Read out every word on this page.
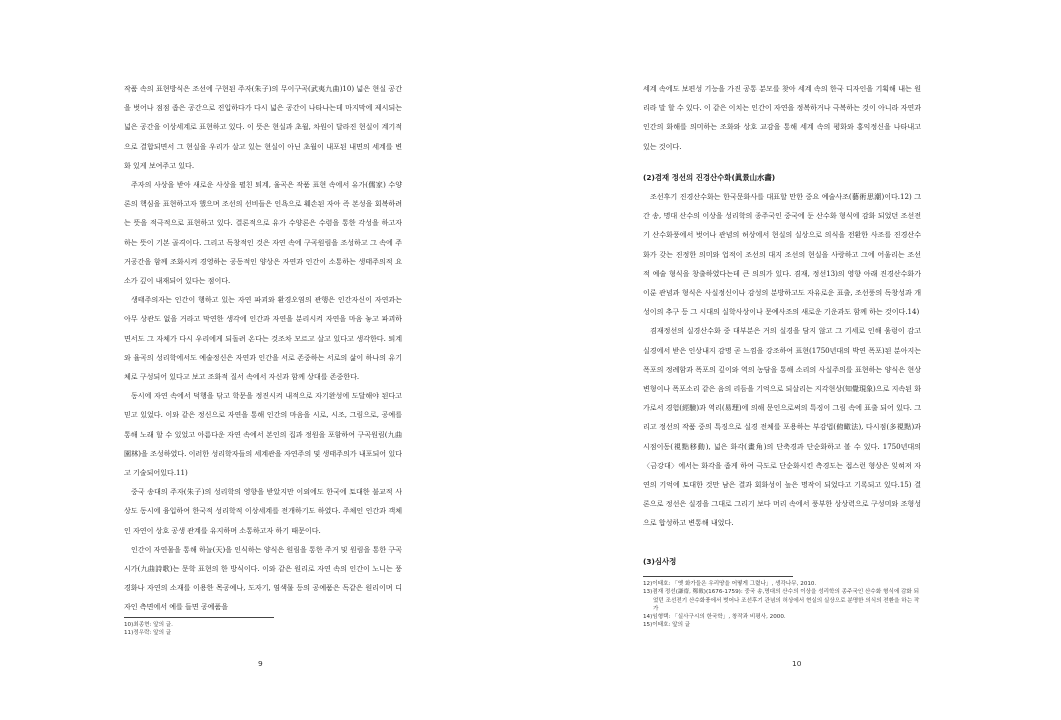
작품 속의 표현방식은 조선에 구현된 주자(朱子)의 무이구곡(武夷九曲)10) 넓은 현실 공간을 벗어나 점점 좁은 공간으로 진입하다가 다시 넓은 공간이 나타나는데 마지막에 제시되는 넓은 공간을 이상세계로 표현하고 있다. 이 뜻은 현실과 초월, 차원이 달라진 현실이 계기적으로 결합되면서 그 현실을 우리가 살고 있는 현실이 아닌 초월이 내포된 내면의 세계를 변화 있게 보여주고 있다.

주자의 사상을 받아 새로운 사상을 펼친 퇴계, 율곡은 작품 표현 속에서 유가(儒家) 수양론의 핵심을 표현하고자 했으며 조선의 선비들은 인욕으로 훼손된 자아 즉 본성을 회복하려는 뜻을 적극적으로 표현하고 있다. 결론적으로 유가 수양론은 수렴을 통한 각성을 하고자 하는 뜻이 기본 골격이다. 그리고 독창적인 것은 자연 속에 구곡원림을 조성하고 그 속에 주거공간을 함께 조화시켜 경영하는 공동적인 양상은 자연과 인간이 소통하는 생태주의적 요소가 깊이 내재되어 있다는 점이다.

생태주의자는 인간이 행하고 있는 자연 파괴와 환경오염의 관행은 인간자신이 자연과는 아무 상관도 없을 거라고 막연한 생각에 인간과 자연을 분리시켜 자연을 마음 놓고 파괴하면서도 그 자체가 다시 우리에게 되돌려 온다는 것조차 모르고 살고 있다고 생각한다. 퇴계와 율곡의 성리학에서도 예술정신은 자연과 인간을 서로 존중하는 서로의 삶이 하나의 유기체로 구성되어 있다고 보고 조화적 질서 속에서 자신과 함께 상대를 존중한다.

동시에 자연 속에서 덕행을 닦고 학문을 정진시켜 내적으로 자기완성에 도달해야 된다고 믿고 있었다. 이와 같은 정신으로 자연을 통해 인간의 마음을 시로, 시조, 그림으로, 공예를 통해 노래 할 수 있었고 아름다운 자연 속에서 본인의 집과 정원을 포함하여 구곡원림(九曲園林)을 조성하였다. 이러한 성리학자들의 세계관을 자연주의 및 생태주의가 내포되어 있다고 기술되어있다.11)

중국 송대의 주자(朱子)의 성리학의 영향을 받았지만 이외에도 한국에 토대한 불교적 사상도 동시에 융입하여 한국적 성리학적 이상세계를 전개하기도 하였다. 주체인 인간과 객체인 자연이 상호 공생 관계를 유지하며 소통하고자 하기 때문이다.

인간이 자연물을 통해 하늘(天)을 인식하는 양식은 원림을 통한 주거 및 원림을 통한 구곡시가(九曲詩歌)는 문학 표현의 한 방식이다. 이와 같은 원리로 자연 속의 인간이 노니는 풍경화나 자연의 소재를 이용한 목공예나, 도자기, 염색물 등의 공예품은 독같은 원리이며 디자인 측면에서 예를 들면 공예품을

10)최종현: 앞의 글.

11)정우락: 앞의 글

9

세계 속에도 보편성 기능을 가진 공통 분모를 찾아 세계 속의 한국 디자인을 기획해 내는 원리라 말 할 수 있다. 이 같은 이치는 인간이 자연을 정복하거나 극복하는 것이 아니라 자연과 인간의 화해를 의미하는 조화와 상호 교감을 통해 세계 속의 평화와 홍익정신을 나타내고 있는 것이다.

(2)겸재 정선의 진경산수화(眞景山水畵)

조선후기 진경산수화는 한국문화사를 대표할 만한 중요 예술사조(藝術思潮)이다.12) 그 간 송, 명대 산수의 이상을 성리학의 종주국인 중국에 둔 산수화 형식에 감화 되었던 조선전기 산수화풍에서 벗어나 관념의 허상에서 현실의 실상으로 의식을 전환한 사조를 진경산수화가 갖는 진정한 의미와 업적이 조선의 대지 조선의 현실을 사랑하고 그에 어울리는 조선적 예술 형식을 창출하였다는데 큰 의의가 있다. 겸재, 정선13)의 영향 아래 진경산수화가 이룬 관념과 형식은 사실정신이나 감성의 분방하고도 자유로운 표출, 조선풍의 독창성과 개성이의 추구 등 그 시대의 실학사상이나 문예사조의 새로운 기운과도 함께 하는 것이다.14)

겸재정선의 실경산수화 중 대부분은 거의 실경을 담지 않고 그 기세로 인해 움렁이 감고 실경에서 받은 인상내지 감명 곧 느낌을 강조하여 표현(1750년대의 박연 폭포)된 분아지는 폭포의 정례함과 폭포의 깊이와 역의 농담을 통해 소리의 사실주의를 표현하는 양식은 현상 변형이나 폭포소리 같은 음의 리듬을 기억으로 되살리는 지각현상(知覺現象)으로 지속된 화가로서 경험(經驗)과 역리(易理)에 의해 문인으로써의 특징이 그림 속에 표출 되어 있다. 그리고 정선의 작품 중의 특징으로 실경 전체를 포용하는 부감법(俯瞰法), 다시점(多視點)과 시점이동(視點移動), 넓은 화각(畫角)의 단축경과 단순화하고 볼 수 있다. 1750년대의 〈금강대〉에서는 화각을 좁게 하여 극도로 단순화시킨 측경도는 접스런 형상은 잊혀져 자연의 기억에 토대한 것만 남은 결과 회화성이 높은 명작이 되었다고 기록되고 있다.15) 결론으로 정선은 실경을 그대로 그리기 보다 머리 속에서 풍부한 상상력으로 구성미와 조형성으로 합성하고 변통해 내었다.

(3)심사정

12)이태호: 「옛 화가들은 우리땅을 어떻게 그렸나」, 생각나무, 2010.

13)겸재 정선(謙齋, 鄭敾)(1676-1759): 중국 송,명대의 산수의 이상을 성리학의 종주국인 산수화 형식에 감화 되었던 조선전기 산수화풍에서 벗어나 조선후기 관념의 허상에서 현실의 실상으로 분명한 의식의 전환을 하는 작가

14)임형택: 「실사구시의 한국학」, 창작과 비평사, 2000.

15)이태호: 앞의 글

10
